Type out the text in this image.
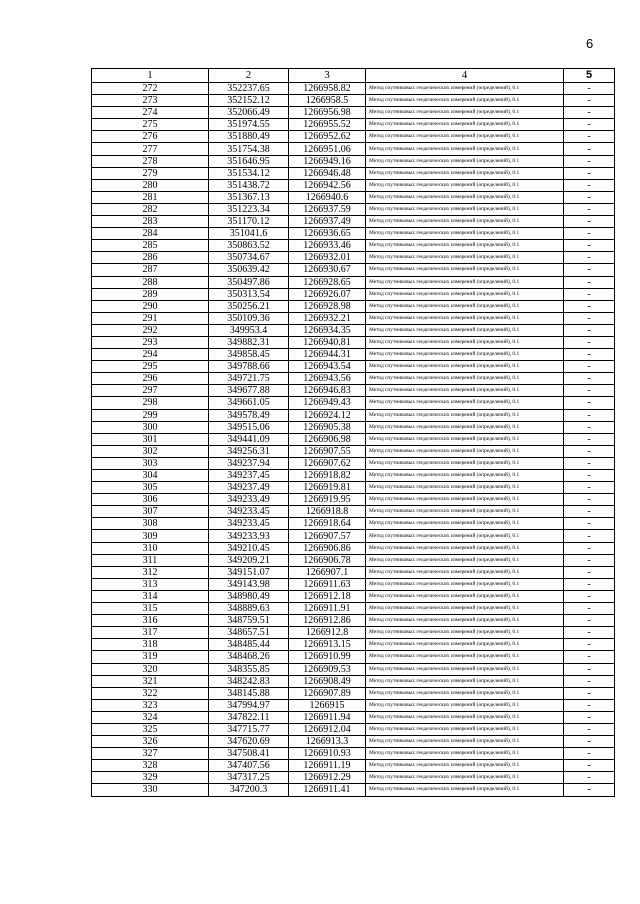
6
1	2	3	4	5
272	352237.65	1266958.82	Метод спутниковых геодезических измерений (определений), 0.1	-
273	352152.12	1266958.5	Метод спутниковых геодезических измерений (определений), 0.1	-
274	352066.49	1266956.98	Метод спутниковых геодезических измерений (определений), 0.1	-
275	351974.55	1266955.52	Метод спутниковых геодезических измерений (определений), 0.1	-
276	351880.49	1266952.62	Метод спутниковых геодезических измерений (определений), 0.1	-
277	351754.38	1266951.06	Метод спутниковых геодезических измерений (определений), 0.1	-
278	351646.95	1266949.16	Метод спутниковых геодезических измерений (определений), 0.1	-
279	351534.12	1266946.48	Метод спутниковых геодезических измерений (определений), 0.1	-
280	351438.72	1266942.56	Метод спутниковых геодезических измерений (определений), 0.1	-
281	351367.13	1266940.6	Метод спутниковых геодезических измерений (определений), 0.1	-
282	351223.34	1266937.59	Метод спутниковых геодезических измерений (определений), 0.1	-
283	351170.12	1266937.49	Метод спутниковых геодезических измерений (определений), 0.1	-
284	351041.6	1266936.65	Метод спутниковых геодезических измерений (определений), 0.1	-
285	350863.52	1266933.46	Метод спутниковых геодезических измерений (определений), 0.1	-
286	350734.67	1266932.01	Метод спутниковых геодезических измерений (определений), 0.1	-
287	350639.42	1266930.67	Метод спутниковых геодезических измерений (определений), 0.1	-
288	350497.86	1266928.65	Метод спутниковых геодезических измерений (определений), 0.1	-
289	350313.54	1266926.07	Метод спутниковых геодезических измерений (определений), 0.1	-
290	350256.21	1266928.98	Метод спутниковых геодезических измерений (определений), 0.1	-
291	350109.36	1266932.21	Метод спутниковых геодезических измерений (определений), 0.1	-
292	349953.4	1266934.35	Метод спутниковых геодезических измерений (определений), 0.1	-
293	349882.31	1266940.81	Метод спутниковых геодезических измерений (определений), 0.1	-
294	349858.45	1266944.31	Метод спутниковых геодезических измерений (определений), 0.1	-
295	349788.66	1266943.54	Метод спутниковых геодезических измерений (определений), 0.1	-
296	349721.75	1266943.56	Метод спутниковых геодезических измерений (определений), 0.1	-
297	349677.88	1266946.83	Метод спутниковых геодезических измерений (определений), 0.1	-
298	349661.05	1266949.43	Метод спутниковых геодезических измерений (определений), 0.1	-
299	349578.49	1266924.12	Метод спутниковых геодезических измерений (определений), 0.1	-
300	349515.06	1266905.38	Метод спутниковых геодезических измерений (определений), 0.1	-
301	349441.09	1266906.98	Метод спутниковых геодезических измерений (определений), 0.1	-
302	349256.31	1266907.55	Метод спутниковых геодезических измерений (определений), 0.1	-
303	349237.94	1266907.62	Метод спутниковых геодезических измерений (определений), 0.1	-
304	349237.45	1266918.82	Метод спутниковых геодезических измерений (определений), 0.1	-
305	349237.49	1266919.81	Метод спутниковых геодезических измерений (определений), 0.1	-
306	349233.49	1266919.95	Метод спутниковых геодезических измерений (определений), 0.1	-
307	349233.45	1266918.8	Метод спутниковых геодезических измерений (определений), 0.1	-
308	349233.45	1266918.64	Метод спутниковых геодезических измерений (определений), 0.1	-
309	349233.93	1266907.57	Метод спутниковых геодезических измерений (определений), 0.1	-
310	349210.45	1266906.86	Метод спутниковых геодезических измерений (определений), 0.1	-
311	349209.21	1266906.78	Метод спутниковых геодезических измерений (определений), 0.1	-
312	349151.07	1266907.1	Метод спутниковых геодезических измерений (определений), 0.1	-
313	349143.98	1266911.63	Метод спутниковых геодезических измерений (определений), 0.1	-
314	348980.49	1266912.18	Метод спутниковых геодезических измерений (определений), 0.1	-
315	348889.63	1266911.91	Метод спутниковых геодезических измерений (определений), 0.1	-
316	348759.51	1266912.86	Метод спутниковых геодезических измерений (определений), 0.1	-
317	348657.51	1266912.8	Метод спутниковых геодезических измерений (определений), 0.1	-
318	348485.44	1266913.15	Метод спутниковых геодезических измерений (определений), 0.1	-
319	348468.26	1266910.99	Метод спутниковых геодезических измерений (определений), 0.1	-
320	348355.85	1266909.53	Метод спутниковых геодезических измерений (определений), 0.1	-
321	348242.83	1266908.49	Метод спутниковых геодезических измерений (определений), 0.1	-
322	348145.88	1266907.89	Метод спутниковых геодезических измерений (определений), 0.1	-
323	347994.97	1266915	Метод спутниковых геодезических измерений (определений), 0.1	-
324	347822.11	1266911.94	Метод спутниковых геодезических измерений (определений), 0.1	-
325	347715.77	1266912.04	Метод спутниковых геодезических измерений (определений), 0.1	-
326	347620.69	1266913.3	Метод спутниковых геодезических измерений (определений), 0.1	-
327	347508.41	1266910.93	Метод спутниковых геодезических измерений (определений), 0.1	-
328	347407.56	1266911.19	Метод спутниковых геодезических измерений (определений), 0.1	-
329	347317.25	1266912.29	Метод спутниковых геодезических измерений (определений), 0.1	-
330	347200.3	1266911.41	Метод спутниковых геодезических измерений (определений), 0.1	-
